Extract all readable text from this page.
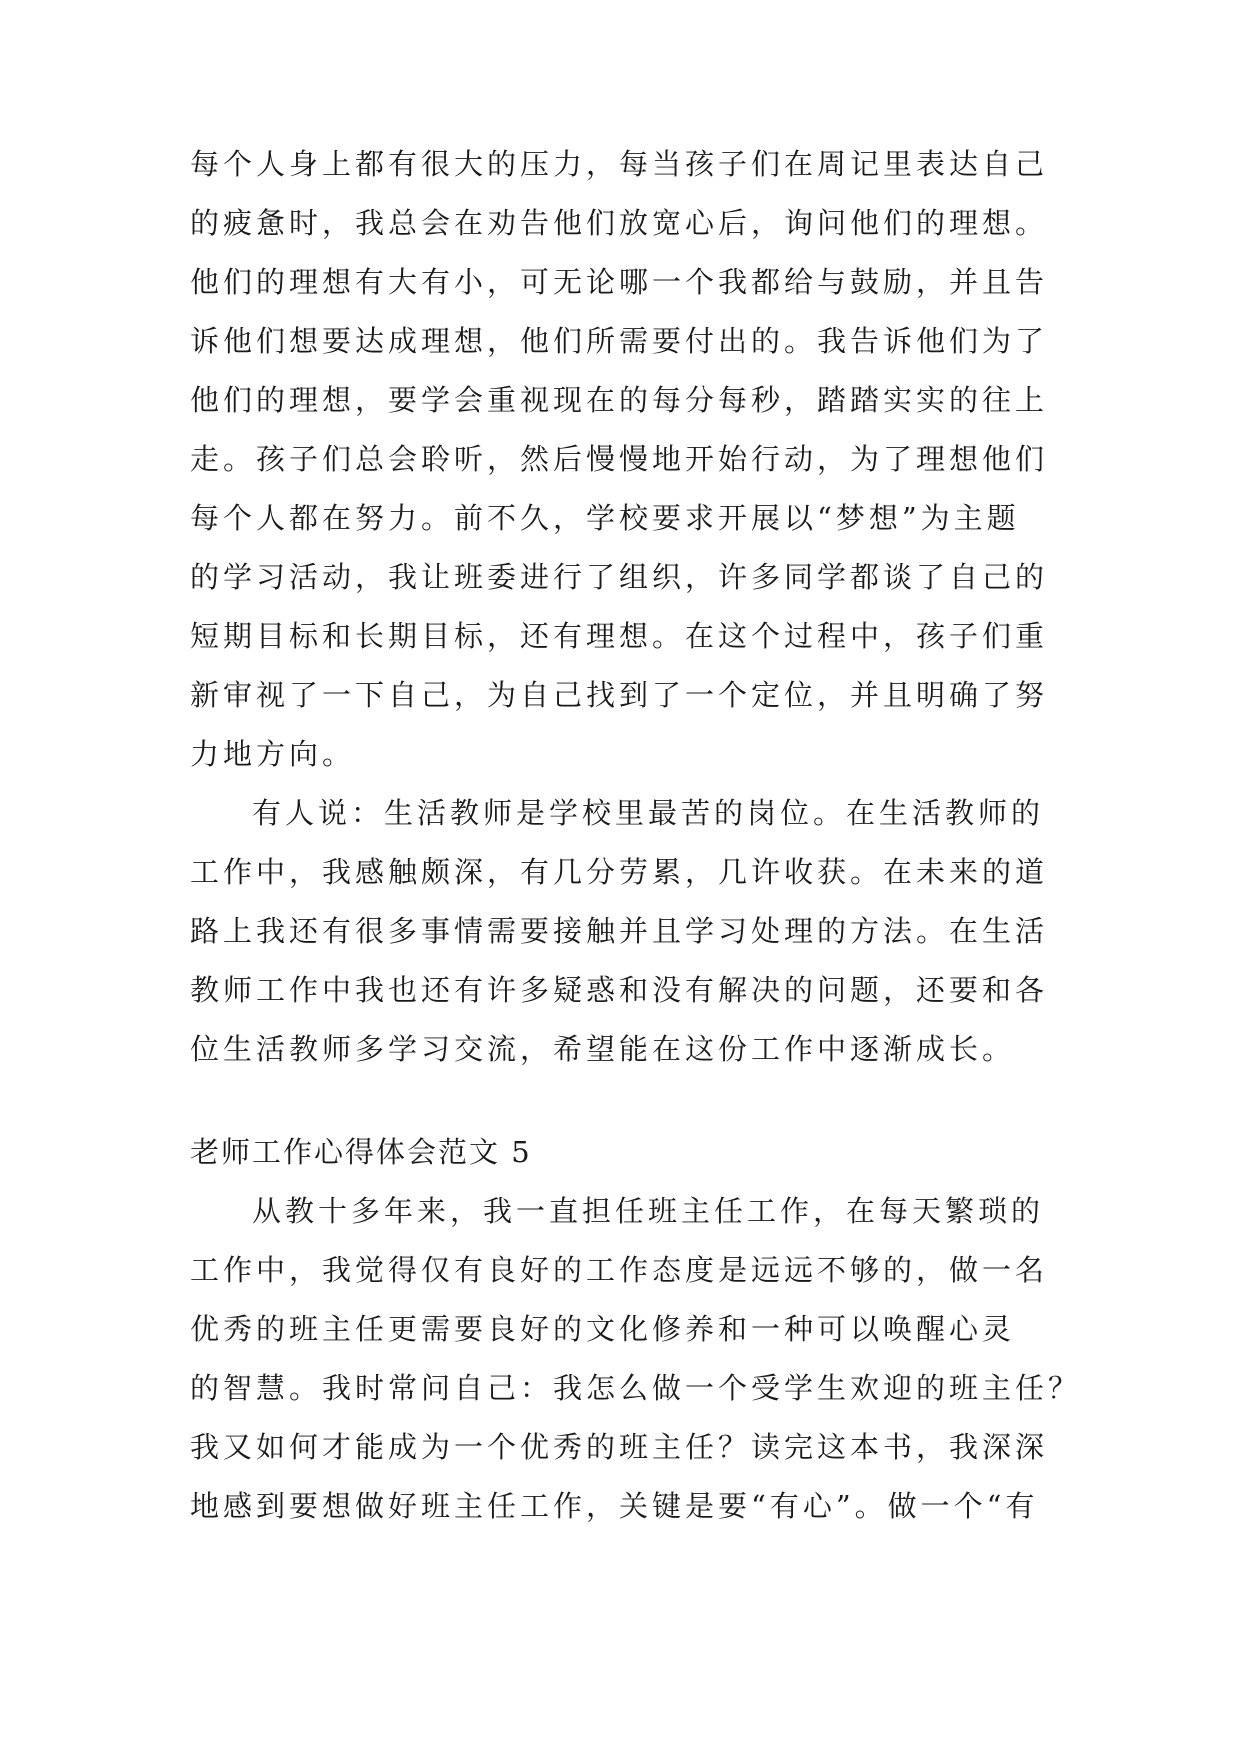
每个人身上都有很大的压力，每当孩子们在周记里表达自己
的疲惫时，我总会在劝告他们放宽心后，询问他们的理想。
他们的理想有大有小，可无论哪一个我都给与鼓励，并且告
诉他们想要达成理想，他们所需要付出的。我告诉他们为了
他们的理想，要学会重视现在的每分每秒，踏踏实实的往上
走。孩子们总会聆听，然后慢慢地开始行动，为了理想他们
每个人都在努力。前不久，学校要求开展以“梦想”为主题
的学习活动，我让班委进行了组织，许多同学都谈了自己的
短期目标和长期目标，还有理想。在这个过程中，孩子们重
新审视了一下自己，为自己找到了一个定位，并且明确了努
力地方向。
有人说：生活教师是学校里最苦的岗位。在生活教师的
工作中，我感触颇深，有几分劳累，几许收获。在未来的道
路上我还有很多事情需要接触并且学习处理的方法。在生活
教师工作中我也还有许多疑惑和没有解决的问题，还要和各
位生活教师多学习交流，希望能在这份工作中逐渐成长。
老师工作心得体会范文 5
从教十多年来，我一直担任班主任工作，在每天繁琐的
工作中，我觉得仅有良好的工作态度是远远不够的，做一名
优秀的班主任更需要良好的文化修养和一种可以唤醒心灵
的智慧。我时常问自己：我怎么做一个受学生欢迎的班主任？
我又如何才能成为一个优秀的班主任？读完这本书，我深深
地感到要想做好班主任工作，关键是要“有心”。做一个“有
